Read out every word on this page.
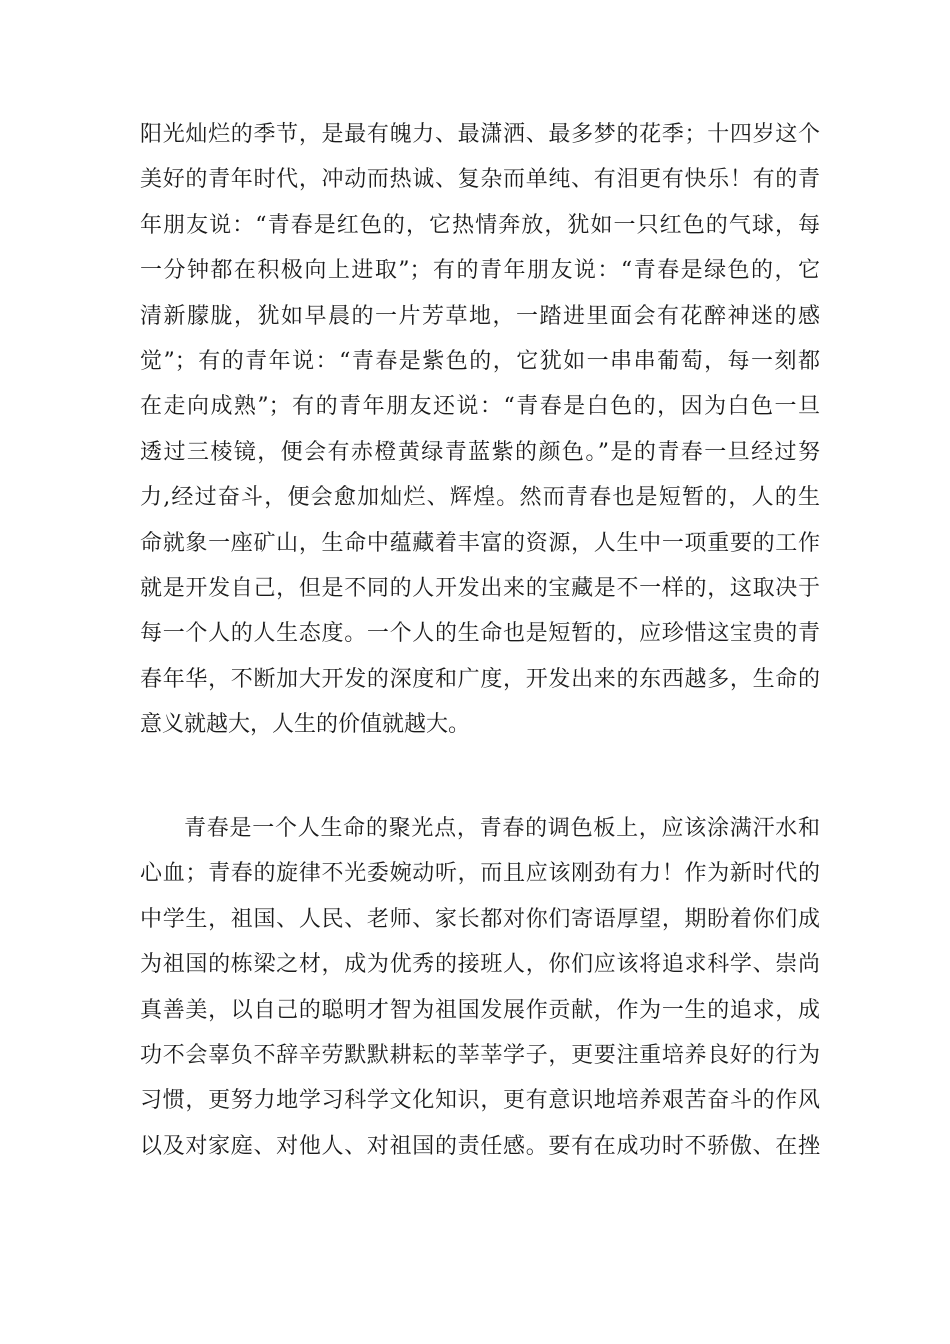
阳光灿烂的季节，是最有魄力、最潇洒、最多梦的花季；十四岁这个
美好的青年时代，冲动而热诚、复杂而单纯、有泪更有快乐！有的青
年朋友说：“青春是红色的，它热情奔放，犹如一只红色的气球，每
一分钟都在积极向上进取”；有的青年朋友说：“青春是绿色的，它
清新朦胧，犹如早晨的一片芳草地，一踏进里面会有花醉神迷的感
觉”；有的青年说：“青春是紫色的，它犹如一串串葡萄，每一刻都
在走向成熟”；有的青年朋友还说：“青春是白色的，因为白色一旦
透过三棱镜，便会有赤橙黄绿青蓝紫的颜色。”是的青春一旦经过努
力,经过奋斗，便会愈加灿烂、辉煌。然而青春也是短暂的，人的生
命就象一座矿山，生命中蕴藏着丰富的资源，人生中一项重要的工作
就是开发自己，但是不同的人开发出来的宝藏是不一样的，这取决于
每一个人的人生态度。一个人的生命也是短暂的，应珍惜这宝贵的青
春年华，不断加大开发的深度和广度，开发出来的东西越多，生命的
意义就越大，人生的价值就越大。
青春是一个人生命的聚光点，青春的调色板上，应该涂满汗水和
心血；青春的旋律不光委婉动听，而且应该刚劲有力！作为新时代的
中学生，祖国、人民、老师、家长都对你们寄语厚望，期盼着你们成
为祖国的栋梁之材，成为优秀的接班人，你们应该将追求科学、崇尚
真善美，以自己的聪明才智为祖国发展作贡献，作为一生的追求，成
功不会辜负不辞辛劳默默耕耘的莘莘学子，更要注重培养良好的行为
习惯，更努力地学习科学文化知识，更有意识地培养艰苦奋斗的作风
以及对家庭、对他人、对祖国的责任感。要有在成功时不骄傲、在挫
